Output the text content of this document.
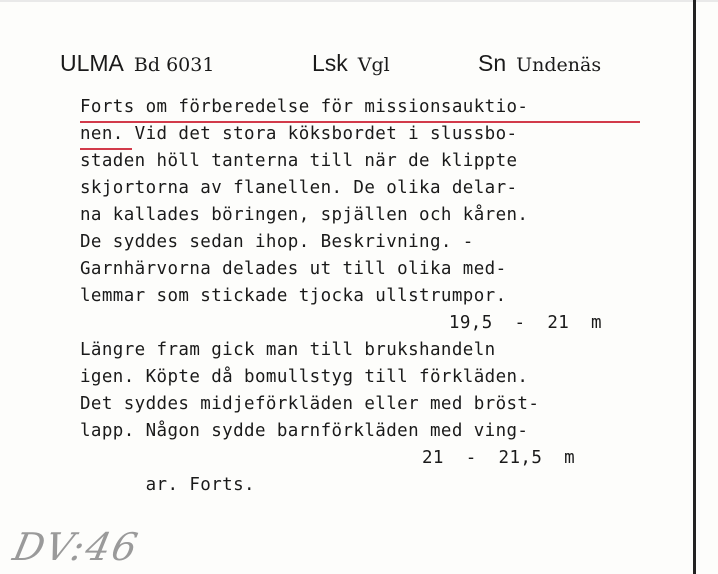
ULMA Bd 6031	Lsk Vgl	Sn Undenäs
Forts om förberedelse för missionsauktio-
nen. Vid det stora köksbordet i slussbo-
staden höll tanterna till när de klippte
skjortorna av flanellen. De olika delar-
na kallades böringen, spjällen och kåren.
De syddes sedan ihop. Beskrivning. -
Garnhärvorna delades ut till olika med-
lemmar som stickade tjocka ullstrumpor.
19,5  -  21  m
Längre fram gick man till brukshandeln
igen. Köpte då bomullstyg till förkläden.
Det syddes midjeförkläden eller med bröst-
lapp. Någon sydde barnförkläden med ving-

ar. Forts.

21  -  21,5  m

DV:46
